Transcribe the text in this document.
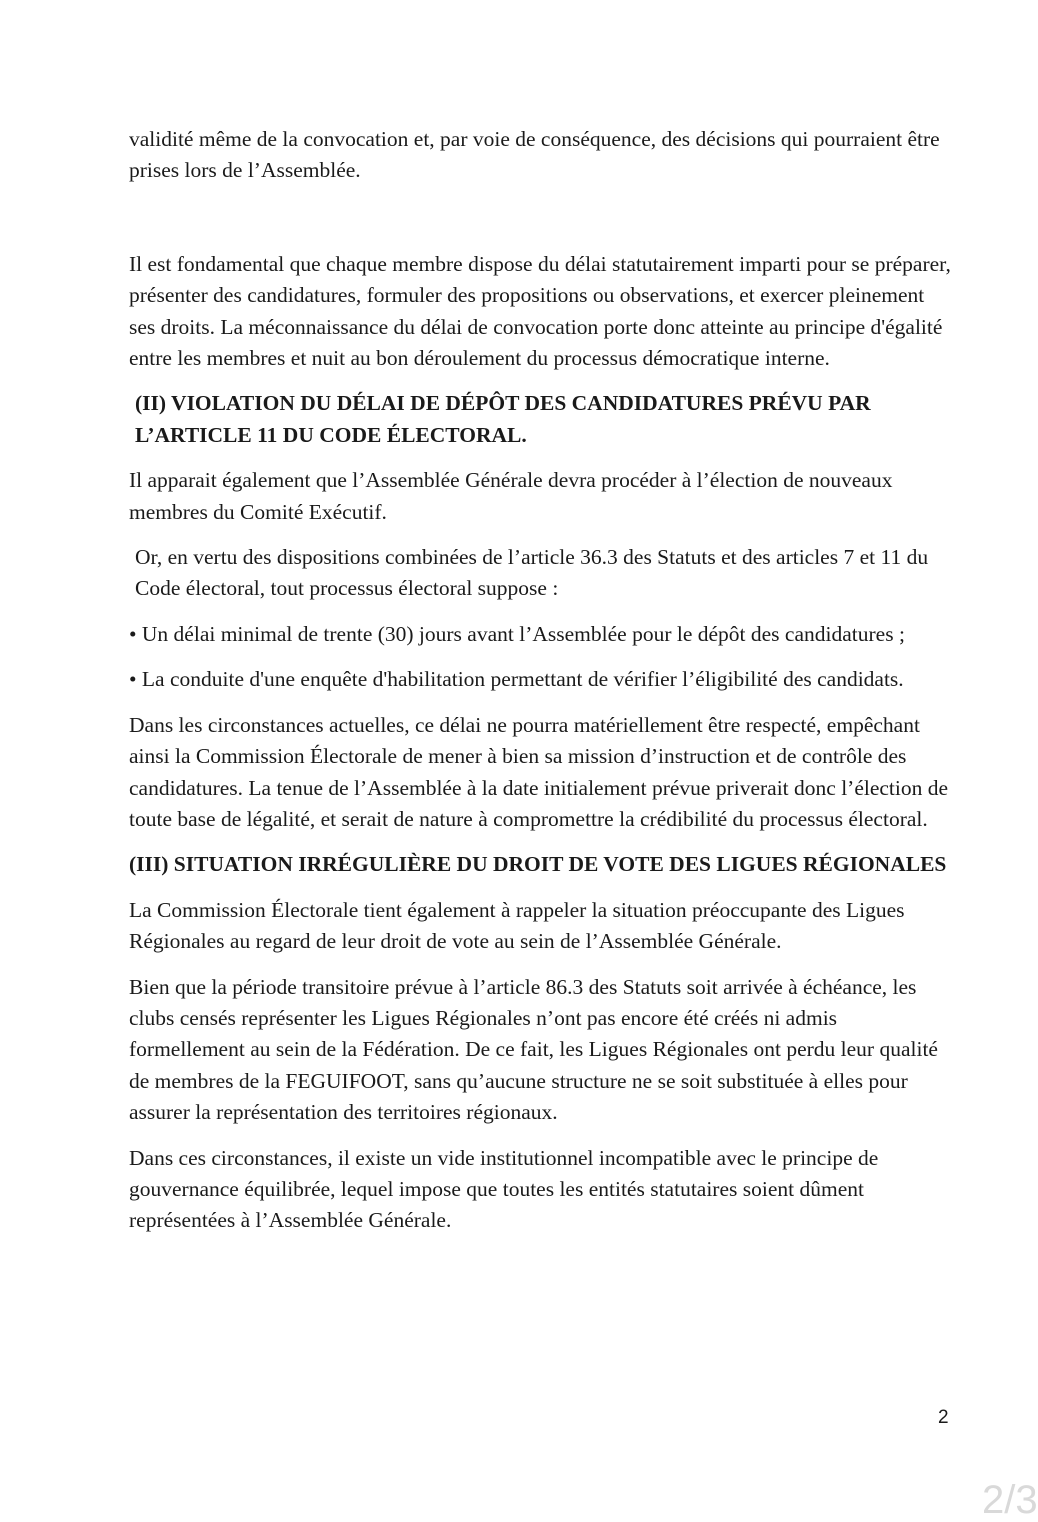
validité même de la convocation et, par voie de conséquence, des décisions qui pourraient être prises lors de l’Assemblée.

Il est fondamental que chaque membre dispose du délai statutairement imparti pour se préparer, présenter des candidatures, formuler des propositions ou observations, et exercer pleinement ses droits. La méconnaissance du délai de convocation porte donc atteinte au principe d'égalité entre les membres et nuit au bon déroulement du processus démocratique interne.

(II) VIOLATION DU DÉLAI DE DÉPÔT DES CANDIDATURES PRÉVU PAR L’ARTICLE 11 DU CODE ÉLECTORAL.

Il apparait également que l’Assemblée Générale devra procéder à l’élection de nouveaux membres du Comité Exécutif.

Or, en vertu des dispositions combinées de l’article 36.3 des Statuts et des articles 7 et 11 du Code électoral, tout processus électoral suppose :

• Un délai minimal de trente (30) jours avant l’Assemblée pour le dépôt des candidatures ;

• La conduite d'une enquête d'habilitation permettant de vérifier l’éligibilité des candidats.

Dans les circonstances actuelles, ce délai ne pourra matériellement être respecté, empêchant ainsi la Commission Électorale de mener à bien sa mission d’instruction et de contrôle des candidatures. La tenue de l’Assemblée à la date initialement prévue priverait donc l’élection de toute base de légalité, et serait de nature à compromettre la crédibilité du processus électoral.

(III) SITUATION IRRÉGULIÈRE DU DROIT DE VOTE DES LIGUES RÉGIONALES

La Commission Électorale tient également à rappeler la situation préoccupante des Ligues Régionales au regard de leur droit de vote au sein de l’Assemblée Générale.

Bien que la période transitoire prévue à l’article 86.3 des Statuts soit arrivée à échéance, les clubs censés représenter les Ligues Régionales n’ont pas encore été créés ni admis formellement au sein de la Fédération. De ce fait, les Ligues Régionales ont perdu leur qualité de membres de la FEGUIFOOT, sans qu’aucune structure ne se soit substituée à elles pour assurer la représentation des territoires régionaux.

Dans ces circonstances, il existe un vide institutionnel incompatible avec le principe de gouvernance équilibrée, lequel impose que toutes les entités statutaires soient dûment représentées à l’Assemblée Générale.

2
2/3
